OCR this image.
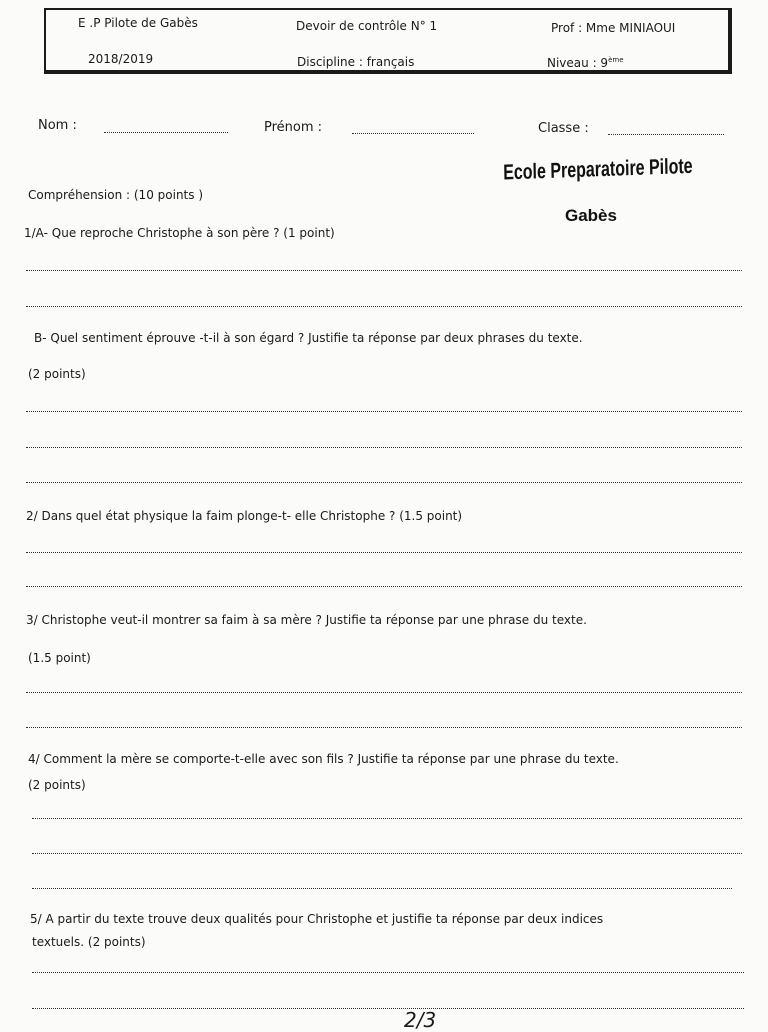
E .P Pilote de Gabès	Devoir de contrôle N° 1	Prof : Mme MINIAOUI
2018/2019	Discipline : français	Niveau : 9ème
Nom :	Prénom :	Classe :
Ecole Preparatoire Pilote
Gabès
Compréhension : (10 points )
1/A- Que reproche Christophe à son père ? (1 point)
B- Quel sentiment éprouve -t-il à son égard ? Justifie ta réponse par deux phrases du texte.
(2 points)
2/ Dans quel état physique la faim plonge-t- elle Christophe ? (1.5 point)
3/ Christophe veut-il montrer sa faim à sa mère ? Justifie ta réponse par une phrase du texte.
(1.5 point)
4/ Comment la mère se comporte-t-elle avec son fils ? Justifie ta réponse par une phrase du texte.
(2 points)
5/ A partir du texte trouve deux qualités pour Christophe et justifie ta réponse par deux indices
textuels. (2 points)
2/3
